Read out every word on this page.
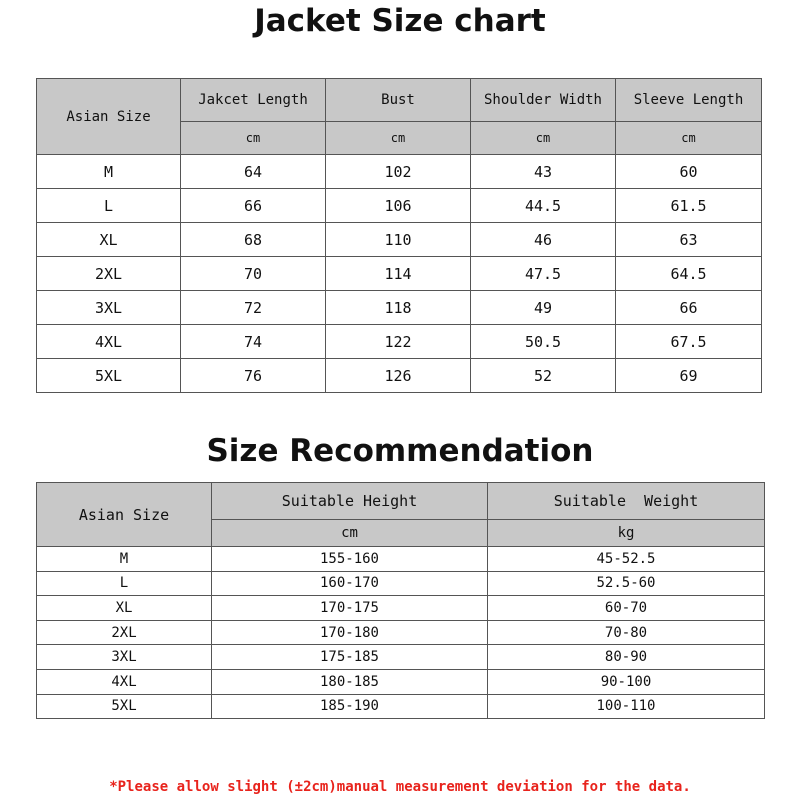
Jacket Size chart
Asian Size	Jakcet Length	Bust	Shoulder Width	Sleeve Length
	cm	cm	cm	cm
M	64	102	43	60
L	66	106	44.5	61.5
XL	68	110	46	63
2XL	70	114	47.5	64.5
3XL	72	118	49	66
4XL	74	122	50.5	67.5
5XL	76	126	52	69
Size Recommendation
Asian Size	Suitable Height	Suitable  Weight
	cm	kg
M	155-160	45-52.5
L	160-170	52.5-60
XL	170-175	60-70
2XL	170-180	70-80
3XL	175-185	80-90
4XL	180-185	90-100
5XL	185-190	100-110
*Please allow slight (±2cm)manual measurement deviation for the data.
